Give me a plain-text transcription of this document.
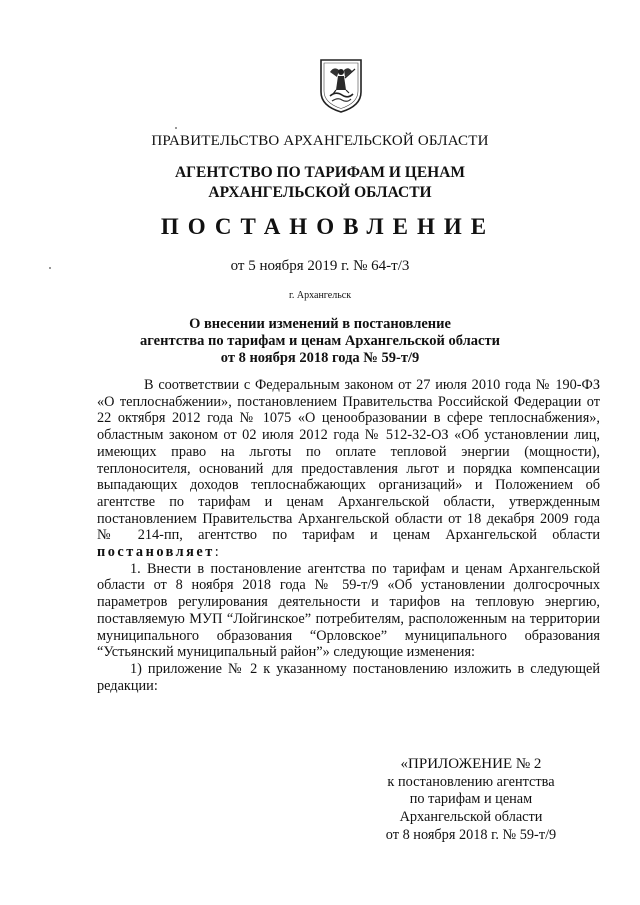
ПРАВИТЕЛЬСТВО АРХАНГЕЛЬСКОЙ ОБЛАСТИ
АГЕНТСТВО ПО ТАРИФАМ И ЦЕНАМ
АРХАНГЕЛЬСКОЙ ОБЛАСТИ
ПОСТАНОВЛЕНИЕ
от 5 ноября 2019 г. № 64-т/3
г. Архангельск
О внесении изменений в постановление
агентства по тарифам и ценам Архангельской области
от 8 ноября 2018 года № 59-т/9

В соответствии с Федеральным законом от 27 июля 2010 года № 190-ФЗ «О теплоснабжении», постановлением Правительства Российской Федерации от 22 октября 2012 года № 1075 «О ценообразовании в сфере теплоснабжения», областным законом от 02 июля 2012 года № 512-32-ОЗ «Об установлении лиц, имеющих право на льготы по оплате тепловой энергии (мощности), теплоносителя, оснований для предоставления льгот и порядка компенсации выпадающих доходов теплоснабжающих организаций» и Положением об агентстве по тарифам и ценам Архангельской области, утвержденным постановлением Правительства Архангельской области от 18 декабря 2009 года № 214-пп, агентство по тарифам и ценам Архангельской области постановляет:

1. Внести в постановление агентства по тарифам и ценам Архангельской области от 8 ноября 2018 года № 59-т/9 «Об установлении долгосрочных параметров регулирования деятельности и тарифов на тепловую энергию, поставляемую МУП “Лойгинское” потребителям, расположенным на территории муниципального образования “Орловское” муниципального образования “Устьянский муниципальный район”» следующие изменения:

1) приложение № 2 к указанному постановлению изложить в следующей редакции:

«ПРИЛОЖЕНИЕ № 2
к постановлению агентства
по тарифам и ценам
Архангельской области
от 8 ноября 2018 г. № 59-т/9
